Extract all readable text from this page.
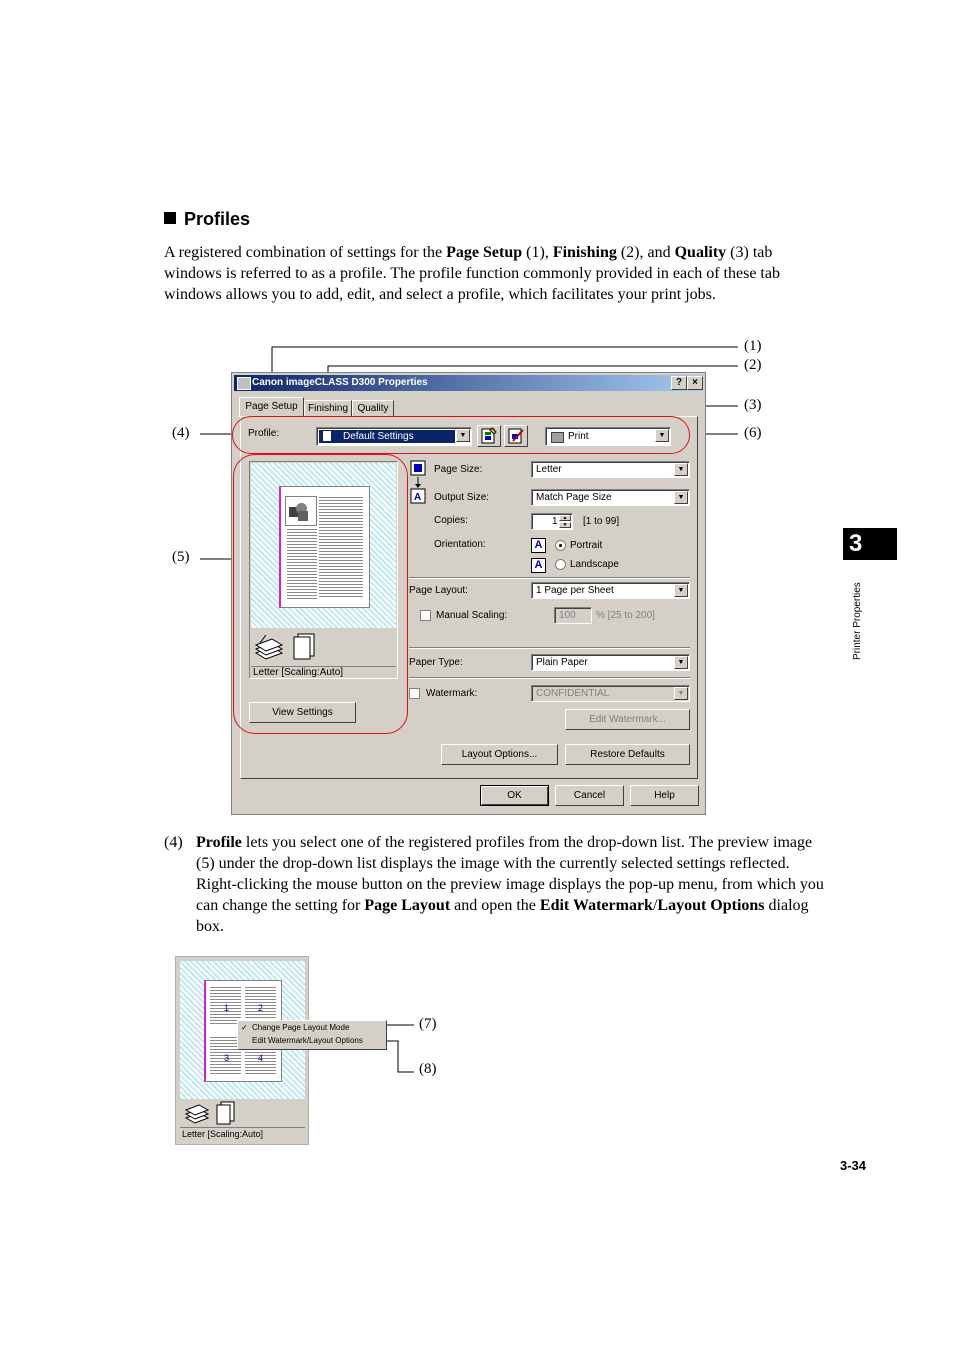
Profiles
A registered combination of settings for the Page Setup (1), Finishing (2), and Quality (3) tab windows is referred to as a profile. The profile function commonly provided in each of these tab windows allows you to add, edit, and select a profile, which facilitates your print jobs.
(1)
(2)
(3)
(4)	(6)
(5)
Canon imageCLASS D300 Properties	?	×
Page Setup	Finishing Quality
Profile:	Default Settings	▼	Print	▼
Letter [Scaling:Auto]
View Settings
A
Page Size:	Letter	▼
Output Size:	Match Page Size	▼
Copies:	1 ▲
▼	[1 to 99]
Orientation:	A	Portrait
A	Landscape
Page Layout:	1 Page per Sheet	▼
Manual Scaling:	100 % [25 to 200]
Paper Type:	Plain Paper	▼
Watermark:	CONFIDENTIAL	▼
Edit Watermark...
Layout Options...	Restore Defaults
OK	Cancel	Help
(4) Profile lets you select one of the registered profiles from the drop-down list. The preview image (5) under the drop-down list displays the image with the currently selected settings reflected. Right-clicking the mouse button on the preview image displays the pop-up menu, from which you can change the setting for Page Layout and open the Edit Watermark/Layout Options dialog box.
1	2
3	4
✓ Change Page Layout Mode
Edit Watermark/Layout Options
Letter [Scaling:Auto]
(7)
(8)
3
Printer Properties
3-34
